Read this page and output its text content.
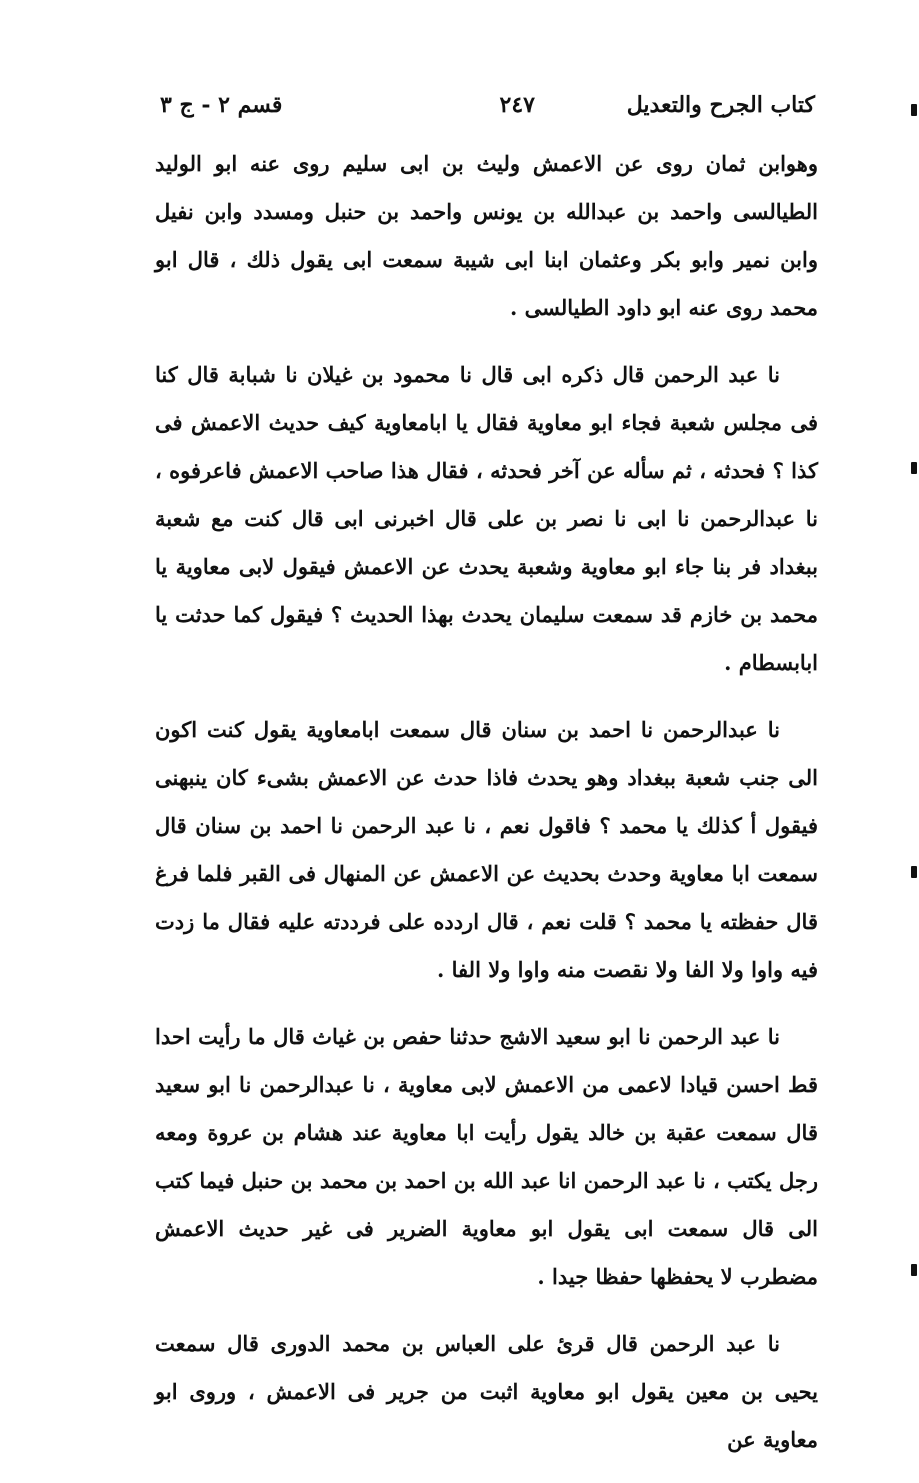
كتاب الجرح والتعديل
٢٤٧
قسم ٢ - ج ٣

وهوابن ثمان روى عن الاعمش وليث بن ابى سليم روى عنه ابو الوليد الطيالسى واحمد بن عبدالله بن يونس واحمد بن حنبل ومسدد وابن نفيل وابن نمير وابو بكر وعثمان ابنا ابى شيبة سمعت ابى يقول ذلك ، قال ابو محمد روى عنه ابو داود الطيالسى .

نا عبد الرحمن قال ذكره ابى قال نا محمود بن غيلان نا شبابة قال كنا فى مجلس شعبة فجاء ابو معاوية فقال يا ابامعاوية كيف حديث الاعمش فى كذا ؟ فحدثه ، ثم سأله عن آخر فحدثه ، فقال هذا صاحب الاعمش فاعرفوه ، نا عبدالرحمن نا ابى نا نصر بن على قال اخبرنى ابى قال كنت مع شعبة ببغداد فر بنا جاء ابو معاوية وشعبة يحدث عن الاعمش فيقول لابى معاوية يا محمد بن خازم قد سمعت سليمان يحدث بهذا الحديث ؟ فيقول كما حدثت يا ابابسطام .

نا عبدالرحمن نا احمد بن سنان قال سمعت ابامعاوية يقول كنت اكون الى جنب شعبة ببغداد وهو يحدث فاذا حدث عن الاعمش بشىء كان ينبهنى فيقول أ كذلك يا محمد ؟ فاقول نعم ، نا عبد الرحمن نا احمد بن سنان قال سمعت ابا معاوية وحدث بحديث عن الاعمش عن المنهال فى القبر فلما فرغ قال حفظته يا محمد ؟ قلت نعم ، قال اردده على فرددته عليه فقال ما زدت فيه واوا ولا الفا ولا نقصت منه واوا ولا الفا .

نا عبد الرحمن نا ابو سعيد الاشج حدثنا حفص بن غياث قال ما رأيت احدا قط احسن قيادا لاعمى من الاعمش لابى معاوية ، نا عبدالرحمن نا ابو سعيد قال سمعت عقبة بن خالد يقول رأيت ابا معاوية عند هشام بن عروة ومعه رجل يكتب ، نا عبد الرحمن انا عبد الله بن احمد بن محمد بن حنبل فيما كتب الى قال سمعت ابى يقول ابو معاوية الضرير فى غير حديث الاعمش مضطرب لا يحفظها حفظا جيدا .

نا عبد الرحمن قال قرئ على العباس بن محمد الدورى قال سمعت يحيى بن معين يقول ابو معاوية اثبت من جرير فى الاعمش ، وروى ابو معاوية عن
